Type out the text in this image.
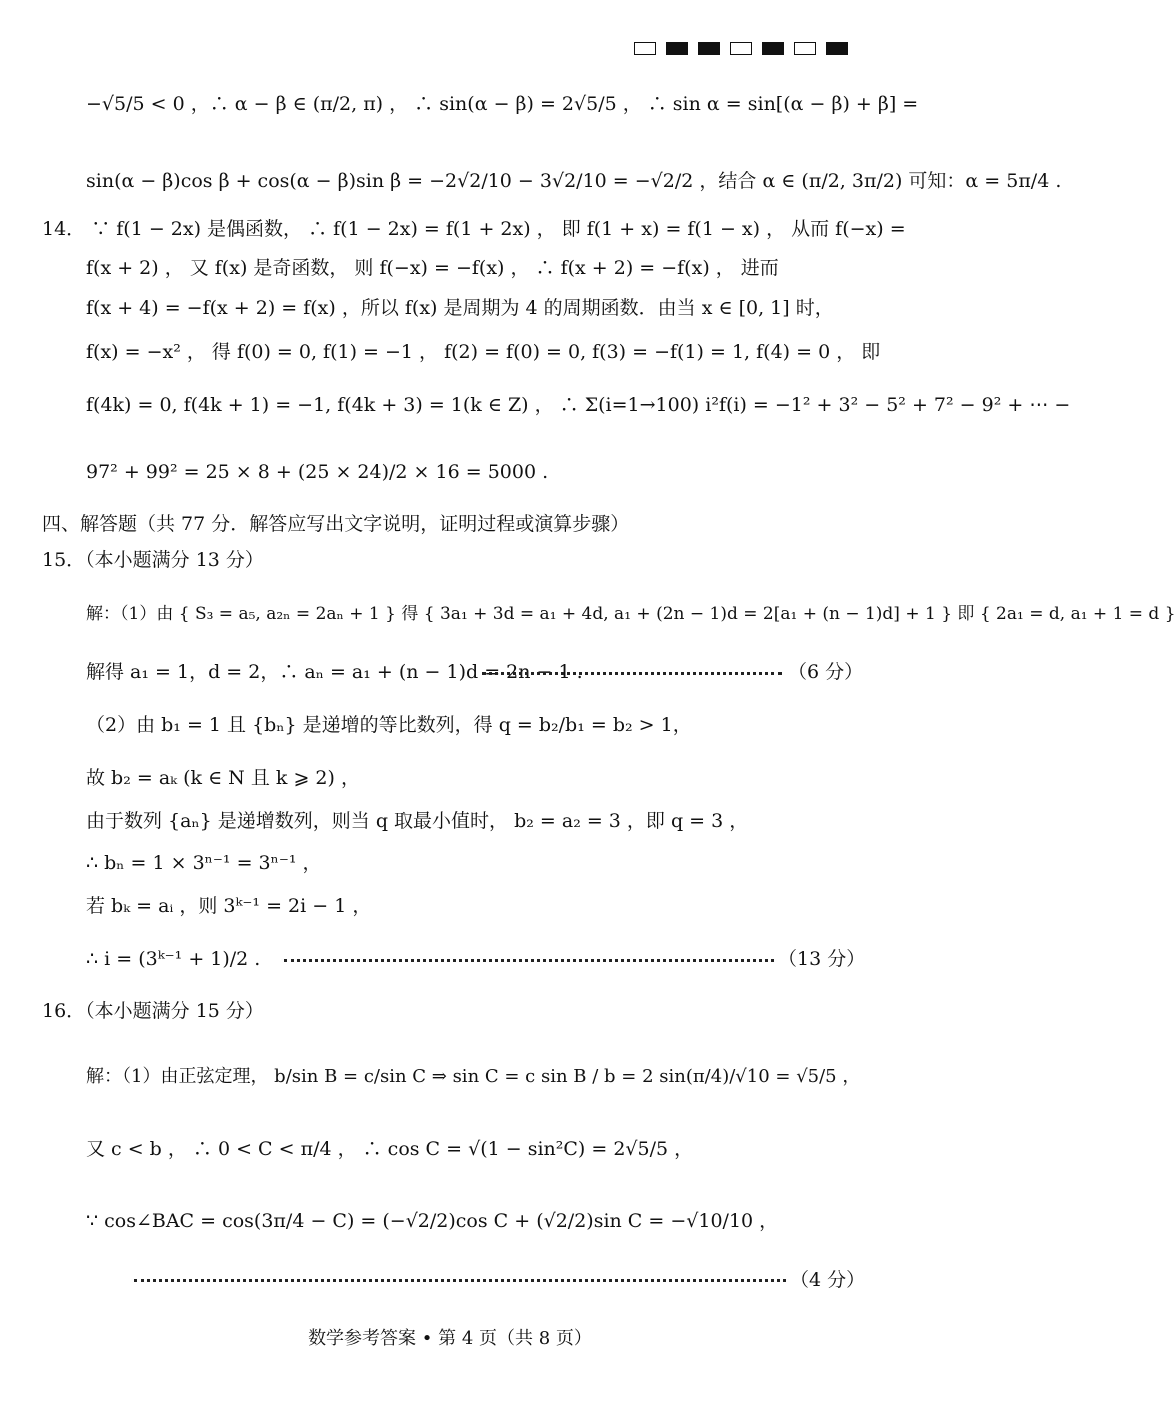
−√5/5 < 0 ，∴ α − β ∈ (π/2, π) ， ∴ sin(α − β) = 2√5/5 ， ∴ sin α = sin[(α − β) + β] =
sin(α − β)cos β + cos(α − β)sin β = −2√2/10 − 3√2/10 = −√2/2 ，结合 α ∈ (π/2, 3π/2) 可知：α = 5π/4 .
14． ∵ f(1 − 2x) 是偶函数， ∴ f(1 − 2x) = f(1 + 2x) ， 即 f(1 + x) = f(1 − x) ， 从而 f(−x) =
f(x + 2) ， 又 f(x) 是奇函数， 则 f(−x) = −f(x) ， ∴ f(x + 2) = −f(x) ， 进而
f(x + 4) = −f(x + 2) = f(x) ，所以 f(x) 是周期为 4 的周期函数．由当 x ∈ [0, 1] 时，
f(x) = −x² ， 得 f(0) = 0, f(1) = −1 ， f(2) = f(0) = 0, f(3) = −f(1) = 1, f(4) = 0 ， 即
f(4k) = 0, f(4k + 1) = −1, f(4k + 3) = 1(k ∈ Z) ， ∴ Σ(i=1→100) i²f(i) = −1² + 3² − 5² + 7² − 9² + ⋯ −
97² + 99² = 25 × 8 + (25 × 24)/2 × 16 = 5000 .
四、解答题（共 77 分．解答应写出文字说明，证明过程或演算步骤）
15．（本小题满分 13 分）
解：（1）由 { S₃ = a₅, a₂ₙ = 2aₙ + 1 } 得 { 3a₁ + 3d = a₁ + 4d, a₁ + (2n − 1)d = 2[a₁ + (n − 1)d] + 1 } 即 { 2a₁ = d, a₁ + 1 = d }
解得 a₁ = 1，d = 2，∴ aₙ = a₁ + (n − 1)d = 2n − 1 .	（6 分）
（2）由 b₁ = 1 且 {bₙ} 是递增的等比数列，得 q = b₂/b₁ = b₂ > 1，
故 b₂ = aₖ (k ∈ N 且 k ⩾ 2) ，
由于数列 {aₙ} 是递增数列，则当 q 取最小值时， b₂ = a₂ = 3 ，即 q = 3 ，
∴ bₙ = 1 × 3ⁿ⁻¹ = 3ⁿ⁻¹ ，
若 bₖ = aᵢ ，则 3ᵏ⁻¹ = 2i − 1 ，
∴ i = (3ᵏ⁻¹ + 1)/2 .	（13 分）
16．（本小题满分 15 分）
解：（1）由正弦定理， b/sin B = c/sin C ⇒ sin C = c sin B / b = 2 sin(π/4)/√10 = √5/5 ，
又 c < b ， ∴ 0 < C < π/4 ， ∴ cos C = √(1 − sin²C) = 2√5/5 ，
∵ cos∠BAC = cos(3π/4 − C) = (−√2/2)cos C + (√2/2)sin C = −√10/10 ，
（4 分）
数学参考答案 • 第 4 页（共 8 页）
